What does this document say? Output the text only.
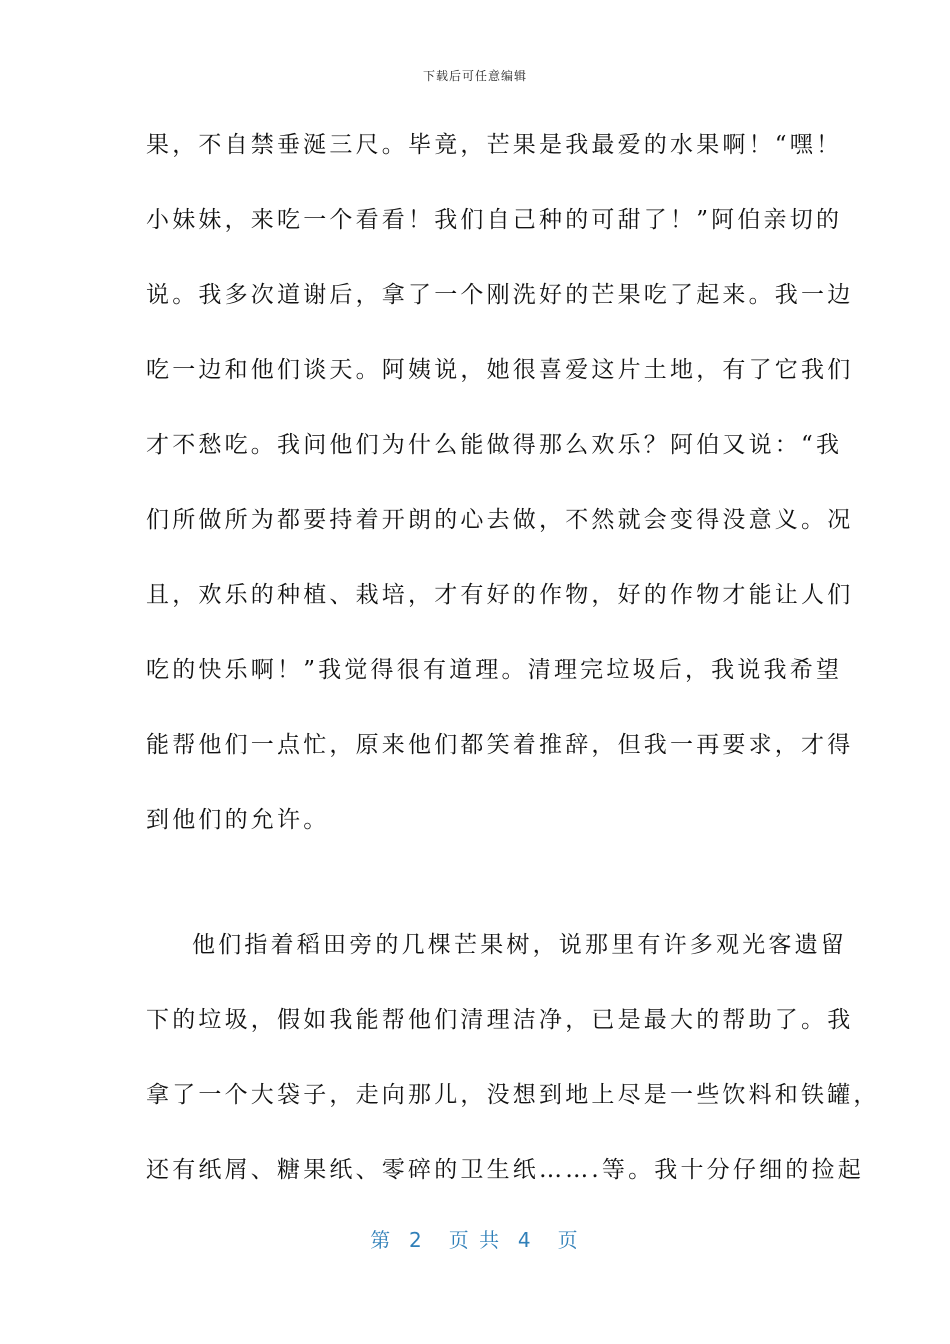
下载后可任意编辑
果，不自禁垂涎三尺。毕竟，芒果是我最爱的水果啊！“嘿！
小妹妹，来吃一个看看！我们自己种的可甜了！”阿伯亲切的
说。我多次道谢后，拿了一个刚洗好的芒果吃了起来。我一边
吃一边和他们谈天。阿姨说，她很喜爱这片土地，有了它我们
才不愁吃。我问他们为什么能做得那么欢乐？阿伯又说：“我
们所做所为都要持着开朗的心去做，不然就会变得没意义。况
且，欢乐的种植、栽培，才有好的作物，好的作物才能让人们
吃的快乐啊！”我觉得很有道理。清理完垃圾后，我说我希望
能帮他们一点忙，原来他们都笑着推辞，但我一再要求，才得
到他们的允许。
他们指着稻田旁的几棵芒果树，说那里有许多观光客遗留
下的垃圾，假如我能帮他们清理洁净，已是最大的帮助了。我
拿了一个大袋子，走向那儿，没想到地上尽是一些饮料和铁罐，
还有纸屑、糖果纸、零碎的卫生纸…….等。我十分仔细的捡起
第  2   页 共  4   页
